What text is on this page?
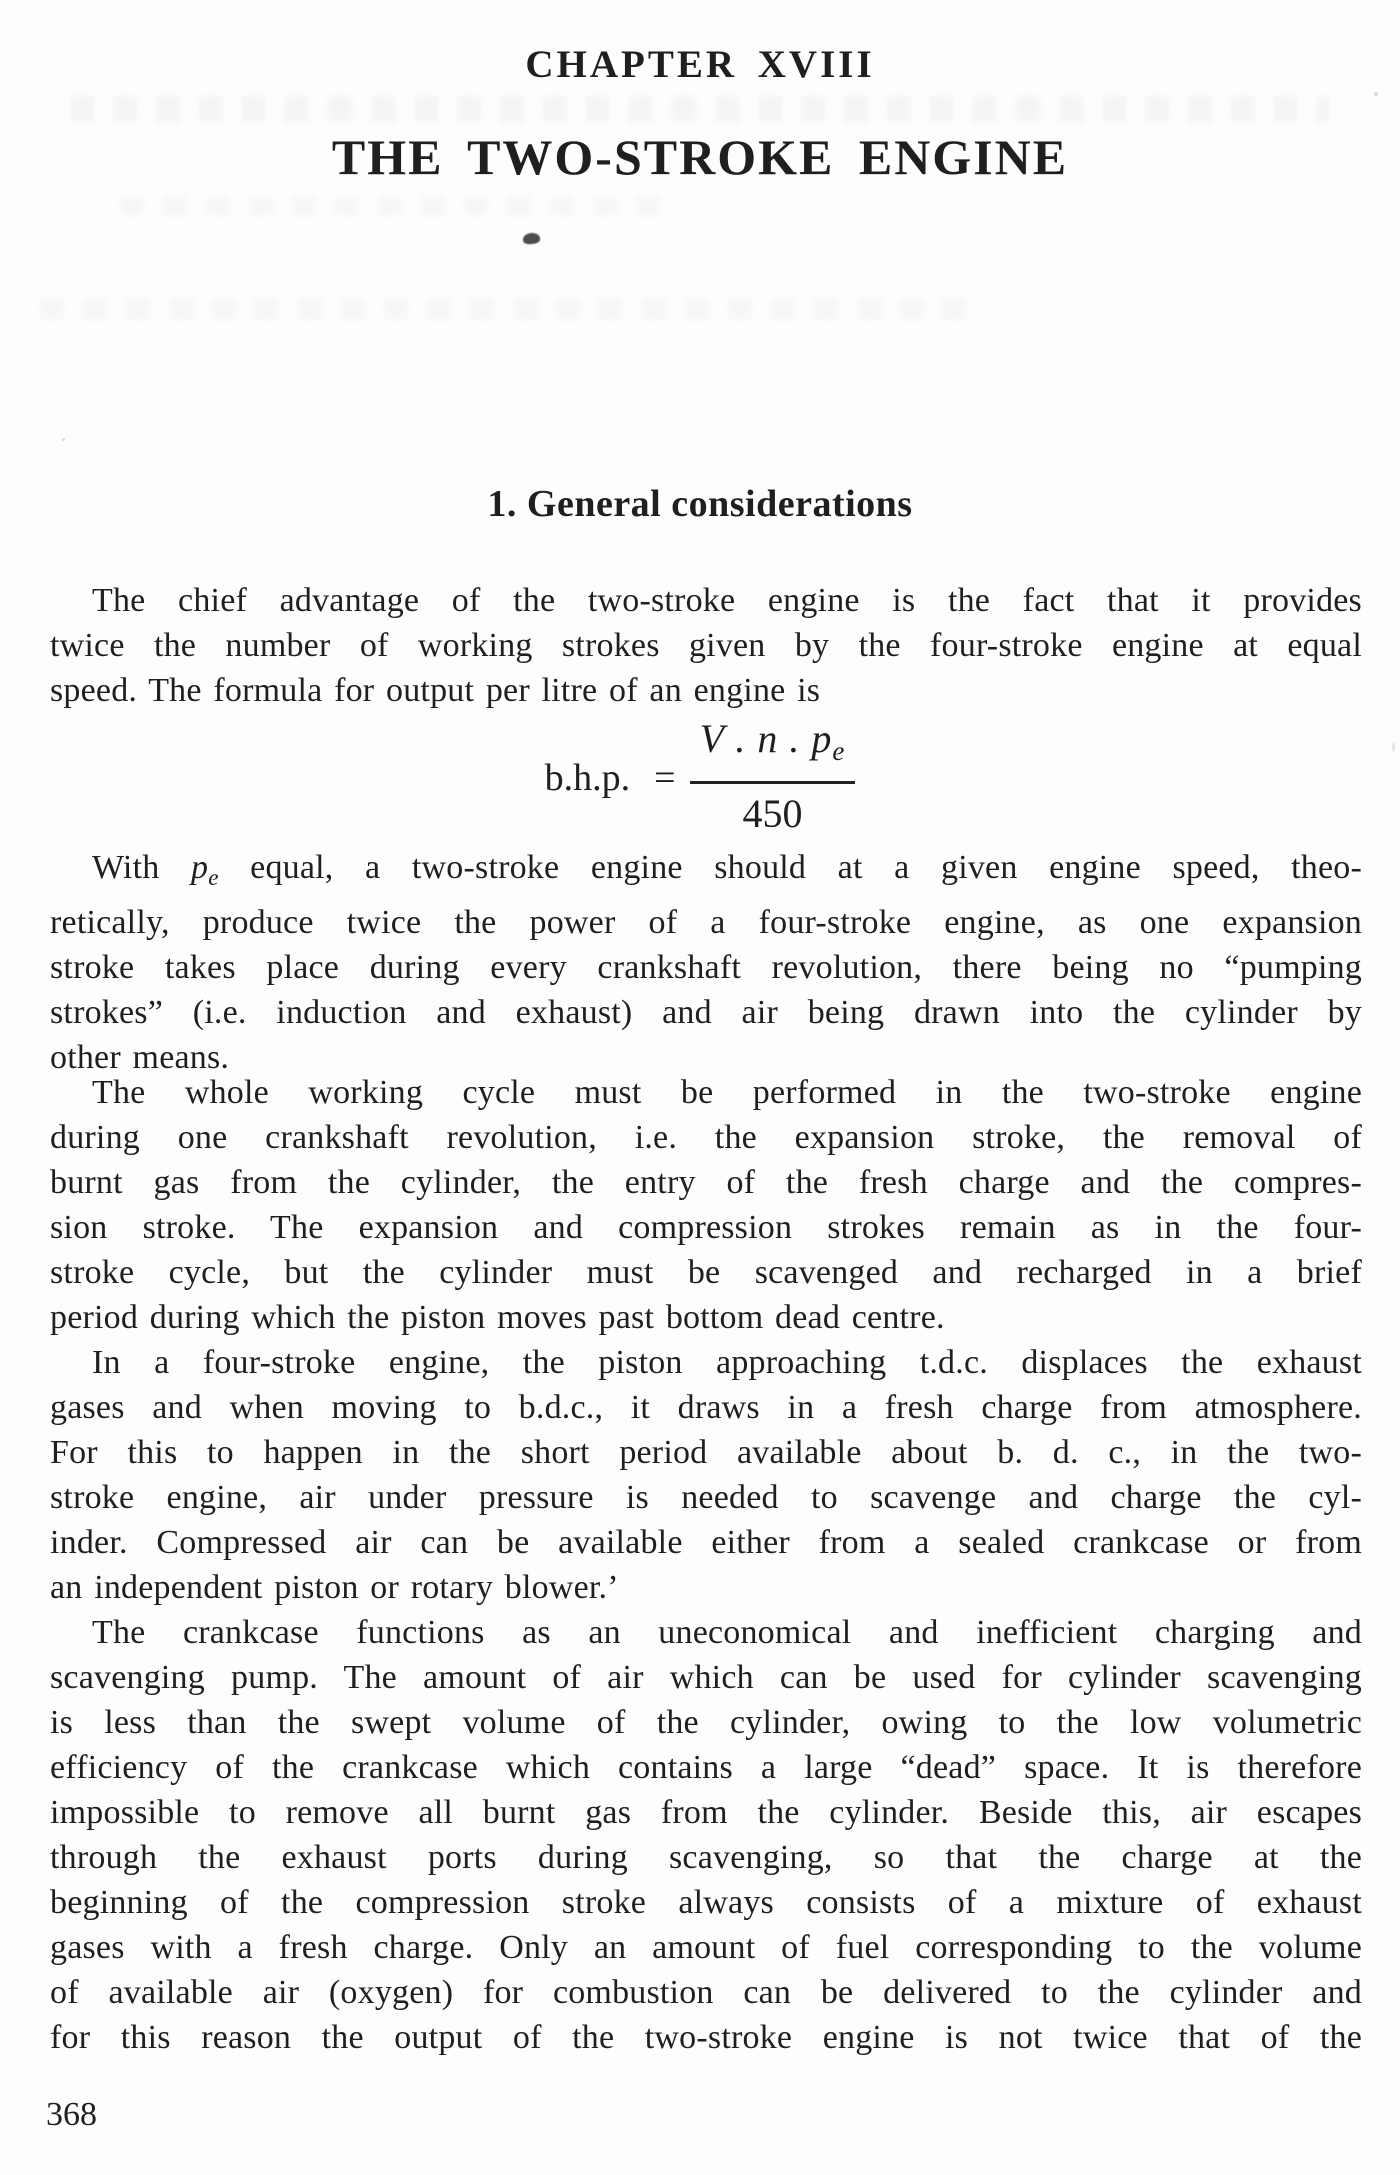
CHAPTER XVIII
THE TWO-STROKE ENGINE
1. General considerations
The chief advantage of the two-stroke engine is the fact that it provides
twice the number of working strokes given by the four-stroke engine at equal
speed. The formula for output per litre of an engine is
b.h.p. = $\frac{V . n . p_e}{450}$
With $p_e$ equal, a two-stroke engine should at a given engine speed, theo-
retically, produce twice the power of a four-stroke engine, as one expansion
stroke takes place during every crankshaft revolution, there being no “pumping
strokes” (i.e. induction and exhaust) and air being drawn into the cylinder by
other means.
The whole working cycle must be performed in the two-stroke engine
during one crankshaft revolution, i.e. the expansion stroke, the removal of
burnt gas from the cylinder, the entry of the fresh charge and the compres-
sion stroke. The expansion and compression strokes remain as in the four-
stroke cycle, but the cylinder must be scavenged and recharged in a brief
period during which the piston moves past bottom dead centre.
In a four-stroke engine, the piston approaching t.d.c. displaces the exhaust
gases and when moving to b.d.c., it draws in a fresh charge from atmosphere.
For this to happen in the short period available about b. d. c., in the two-
stroke engine, air under pressure is needed to scavenge and charge the cyl-
inder. Compressed air can be available either from a sealed crankcase or from
an independent piston or rotary blower.’
The crankcase functions as an uneconomical and inefficient charging and
scavenging pump. The amount of air which can be used for cylinder scavenging
is less than the swept volume of the cylinder, owing to the low volumetric
efficiency of the crankcase which contains a large “dead” space. It is therefore
impossible to remove all burnt gas from the cylinder. Beside this, air escapes
through the exhaust ports during scavenging, so that the charge at the
beginning of the compression stroke always consists of a mixture of exhaust
gases with a fresh charge. Only an amount of fuel corresponding to the volume
of available air (oxygen) for combustion can be delivered to the cylinder and
for this reason the output of the two-stroke engine is not twice that of the
368
